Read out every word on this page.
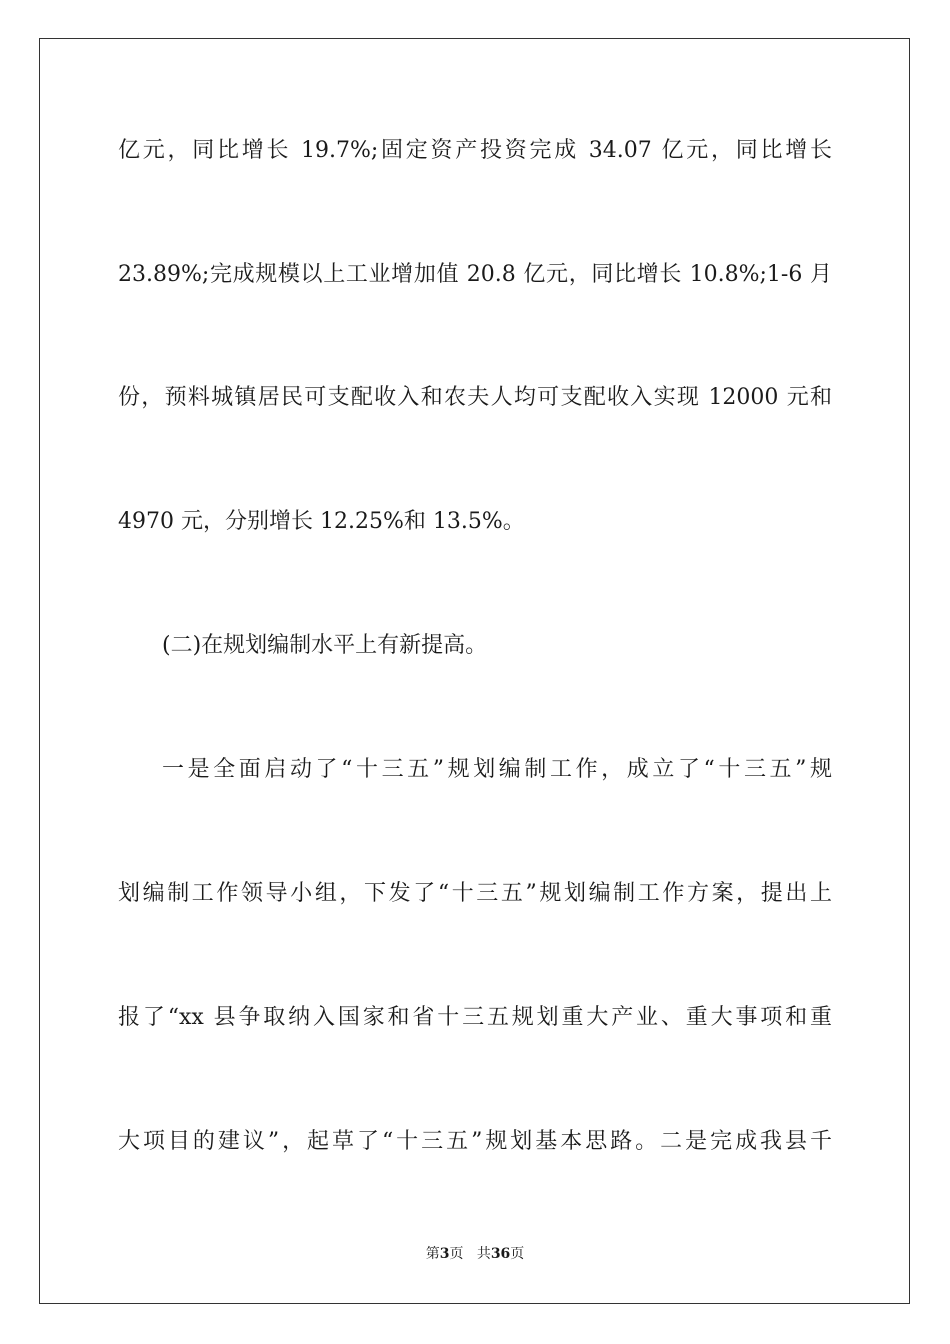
亿元，同比增长 19.7%;固定资产投资完成 34.07 亿元，同比增长
23.89%;完成规模以上工业增加值 20.8 亿元，同比增长 10.8%;1-6 月
份，预料城镇居民可支配收入和农夫人均可支配收入实现 12000 元和
4970 元，分别增长 12.25%和 13.5%。
(二)在规划编制水平上有新提高。
一是全面启动了“十三五”规划编制工作，成立了“十三五”规
划编制工作领导小组，下发了“十三五”规划编制工作方案，提出上
报了“xx 县争取纳入国家和省十三五规划重大产业、重大事项和重
大项目的建议”，起草了“十三五”规划基本思路。二是完成我县千
第3页 共36页
